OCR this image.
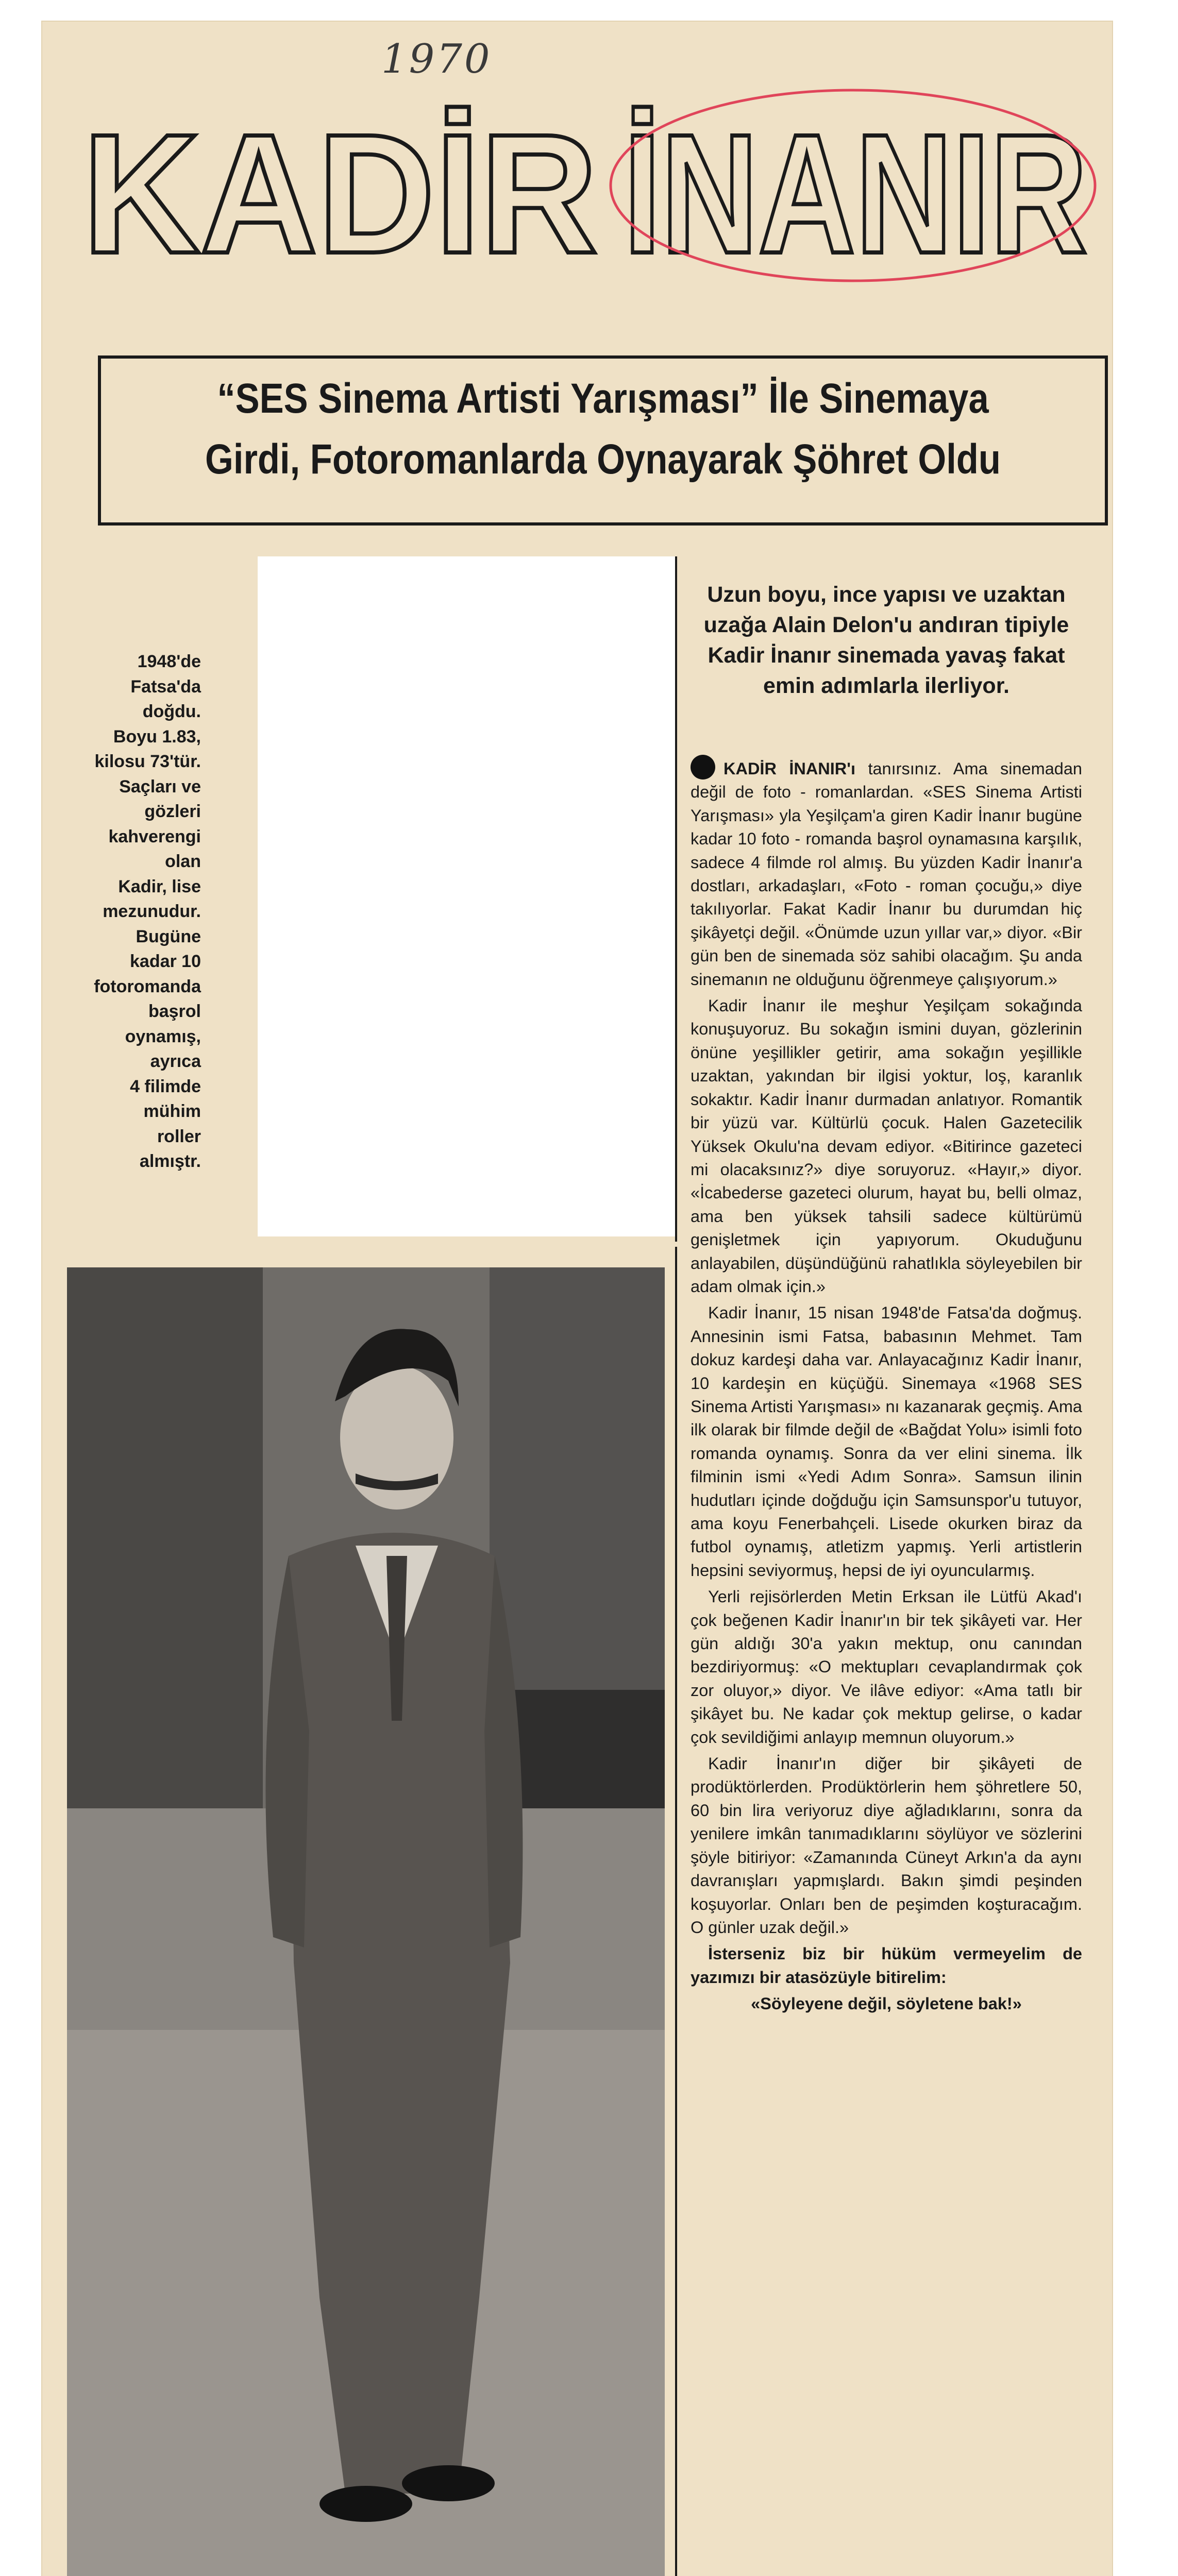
1970
KADİR İNANIR
“SES Sinema Artisti Yarışması” İle Sinemaya
Girdi, Fotoromanlarda Oynayarak Şöhret Oldu
Uzun boyu, ince yapısı ve uzaktan uzağa Alain Delon'u andıran tipiyle Kadir İnanır sinemada yavaş fakat emin adımlarla ilerliyor.
1948'de
Fatsa'da
doğdu.
Boyu 1.83,
kilosu 73'tür.
Saçları ve
gözleri
kahverengi
olan
Kadir, lise
mezunudur.
Bugüne
kadar 10
fotoromanda
başrol
oynamış,
ayrıca
4 filimde
mühim
roller
almıştr.

KADİR İNANIR'ı tanırsınız. Ama sinemadan değil de foto - romanlardan. «SES Sinema Artisti Yarışması» yla Yeşilçam'a giren Kadir İnanır bugüne kadar 10 foto - romanda başrol oynamasına karşılık, sadece 4 filmde rol almış. Bu yüzden Kadir İnanır'a dostları, arkadaşları, «Foto - roman çocuğu,» diye takılıyorlar. Fakat Kadir İnanır bu durumdan hiç şikâyetçi değil. «Önümde uzun yıllar var,» diyor. «Bir gün ben de sinemada söz sahibi olacağım. Şu anda sinemanın ne olduğunu öğrenmeye çalışıyorum.»

Kadir İnanır ile meşhur Yeşilçam sokağında konuşuyoruz. Bu sokağın ismini duyan, gözlerinin önüne yeşillikler getirir, ama sokağın yeşillikle uzaktan, yakından bir ilgisi yoktur, loş, karanlık sokaktır. Kadir İnanır durmadan anlatıyor. Romantik bir yüzü var. Kültürlü çocuk. Halen Gazetecilik Yüksek Okulu'na devam ediyor. «Bitirince gazeteci mi olacaksınız?» diye soruyoruz. «Hayır,» diyor. «İcabederse gazeteci olurum, hayat bu, belli olmaz, ama ben yüksek tahsili sadece kültürümü genişletmek için yapıyorum. Okuduğunu anlayabilen, düşündüğünü rahatlıkla söyleyebilen bir adam olmak için.»

Kadir İnanır, 15 nisan 1948'de Fatsa'da doğmuş. Annesinin ismi Fatsa, babasının Mehmet. Tam dokuz kardeşi daha var. Anlayacağınız Kadir İnanır, 10 kardeşin en küçüğü. Sinemaya «1968 SES Sinema Artisti Yarışması» nı kazanarak geçmiş. Ama ilk olarak bir filmde değil de «Bağdat Yolu» isimli foto romanda oynamış. Sonra da ver elini sinema. İlk filminin ismi «Yedi Adım Sonra». Samsun ilinin hudutları içinde doğduğu için Samsunspor'u tutuyor, ama koyu Fenerbahçeli. Lisede okurken biraz da futbol oynamış, atletizm yapmış. Yerli artistlerin hepsini seviyormuş, hepsi de iyi oyuncularmış.

Yerli rejisörlerden Metin Erksan ile Lütfü Akad'ı çok beğenen Kadir İnanır'ın bir tek şikâyeti var. Her gün aldığı 30'a yakın mektup, onu canından bezdiriyormuş: «O mektupları cevaplandırmak çok zor oluyor,» diyor. Ve ilâve ediyor: «Ama tatlı bir şikâyet bu. Ne kadar çok mektup gelirse, o kadar çok sevildiğimi anlayıp memnun oluyorum.»

Kadir İnanır'ın diğer bir şikâyeti de prodüktörlerden. Prodüktörlerin hem şöhretlere 50, 60 bin lira veriyoruz diye ağladıklarını, sonra da yenilere imkân tanımadıklarını söylüyor ve sözlerini şöyle bitiriyor: «Zamanında Cüneyt Arkın'a da aynı davranışları yapmışlardı. Bakın şimdi peşinden koşuyorlar. Onları ben de peşimden koşturacağım. O günler uzak değil.»

İsterseniz biz bir hüküm vermeyelim de yazımızı bir atasözüyle bitirelim:

«Söyleyene değil, söyletene bak!»
